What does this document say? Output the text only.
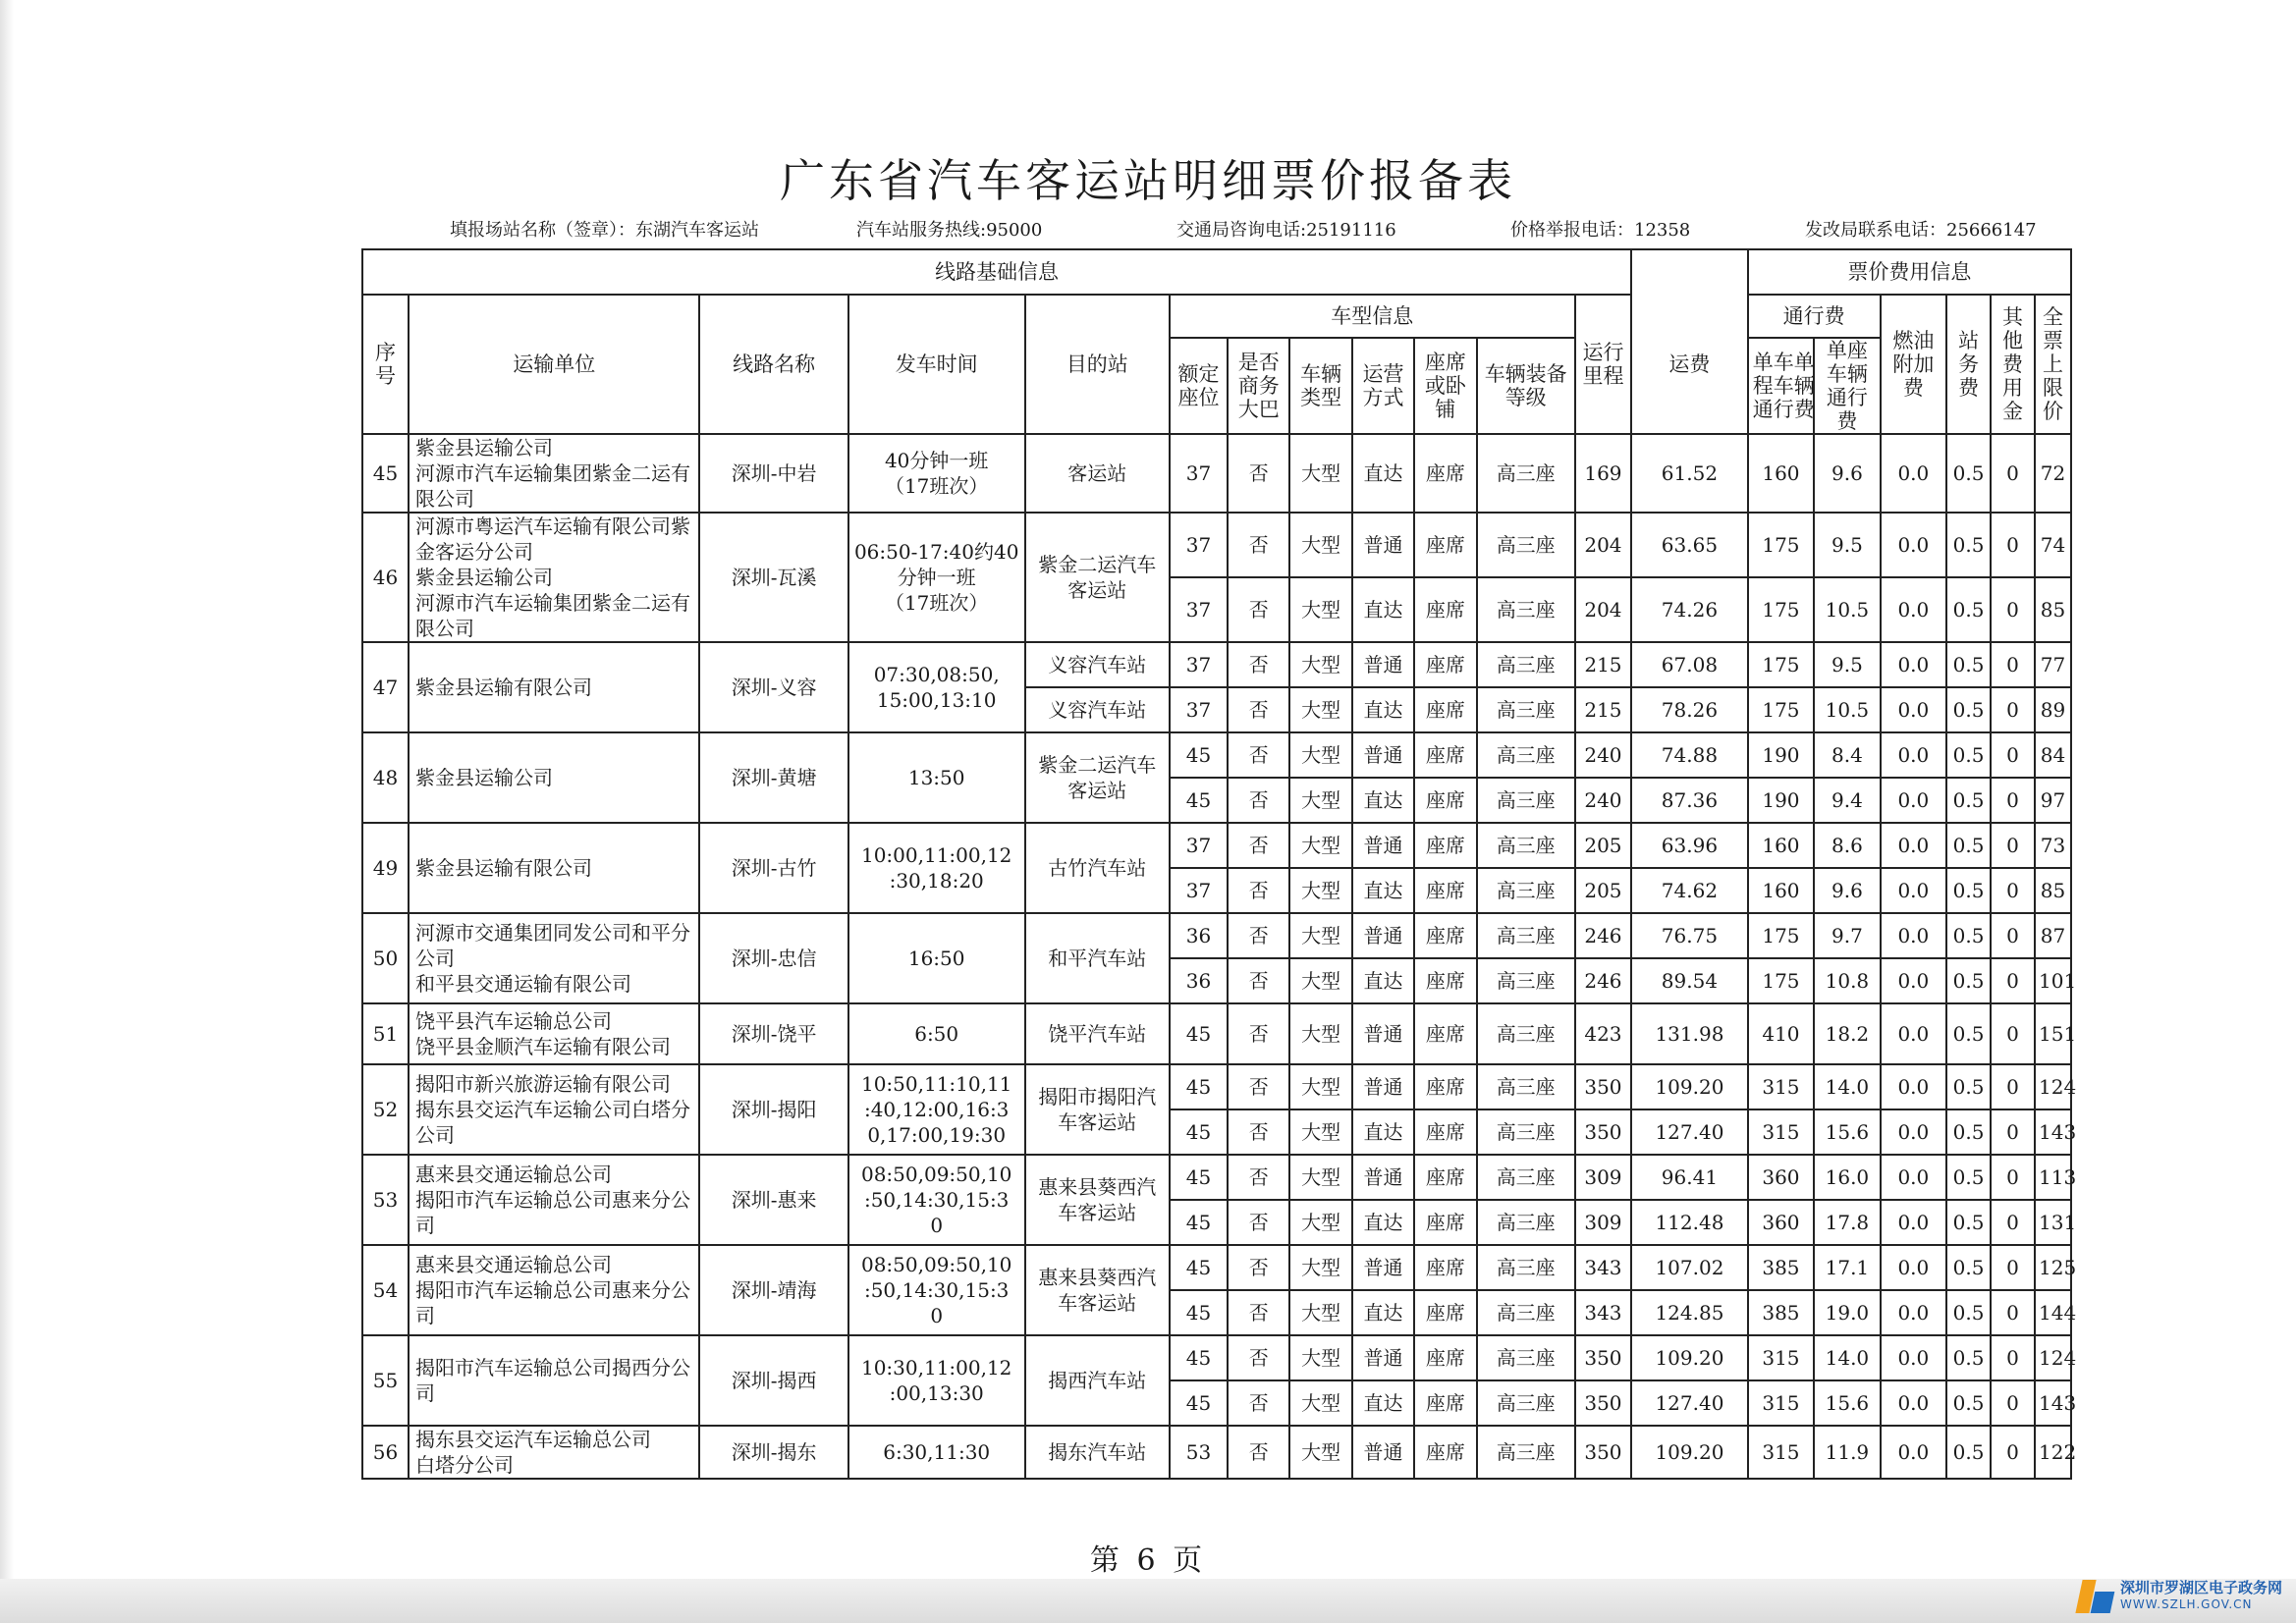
广东省汽车客运站明细票价报备表
填报场站名称（签章）：东湖汽车客运站	汽车站服务热线:95000	交通局咨询电话:25191116	价格举报电话：12358	发改局联系电话：25666147
线路基础信息													票价费用信息					

序号	运输单位	线路名称	发车时间	目的站	车型信息						运行里程	运费	通行费		燃油附加费	站务费	其他费用金	全票上限价

					额定座位	是否商务大巴	车辆类型	运营方式	座席或卧铺	车辆装备等级			单车单程车辆通行费	单座车辆通行费				

45	紫金县运输公司
河源市汽车运输集团紫金二运有限公司	深圳-中岩	40分钟一班
（17班次）	客运站	37	否	大型	直达	座席	高三座	169	61.52	160	9.6	0.0	0.5	0	72
46	河源市粤运汽车运输有限公司紫金客运分公司
紫金县运输公司
河源市汽车运输集团紫金二运有限公司	深圳-瓦溪	06:50-17:40约40分钟一班
（17班次）	紫金二运汽车客运站	37	否	大型	普通	座席	高三座	204	63.65	175	9.5	0.0	0.5	0	74
					37	否	大型	直达	座席	高三座	204	74.26	175	10.5	0.0	0.5	0	85
47	紫金县运输有限公司	深圳-义容	07:30,08:50,
15:00,13:10	义容汽车站	37	否	大型	普通	座席	高三座	215	67.08	175	9.5	0.0	0.5	0	77
				义容汽车站	37	否	大型	直达	座席	高三座	215	78.26	175	10.5	0.0	0.5	0	89
48	紫金县运输公司	深圳-黄塘	13:50	紫金二运汽车客运站	45	否	大型	普通	座席	高三座	240	74.88	190	8.4	0.0	0.5	0	84
					45	否	大型	直达	座席	高三座	240	87.36	190	9.4	0.0	0.5	0	97
49	紫金县运输有限公司	深圳-古竹	10:00,11:00,12
:30,18:20	古竹汽车站	37	否	大型	普通	座席	高三座	205	63.96	160	8.6	0.0	0.5	0	73
					37	否	大型	直达	座席	高三座	205	74.62	160	9.6	0.0	0.5	0	85
50	河源市交通集团同发公司和平分公司
和平县交通运输有限公司	深圳-忠信	16:50	和平汽车站	36	否	大型	普通	座席	高三座	246	76.75	175	9.7	0.0	0.5	0	87
					36	否	大型	直达	座席	高三座	246	89.54	175	10.8	0.0	0.5	0	101
51	饶平县汽车运输总公司
饶平县金顺汽车运输有限公司	深圳-饶平	6:50	饶平汽车站	45	否	大型	普通	座席	高三座	423	131.98	410	18.2	0.0	0.5	0	151
52	揭阳市新兴旅游运输有限公司
揭东县交运汽车运输公司白塔分公司	深圳-揭阳	10:50,11:10,11
:40,12:00,16:3
0,17:00,19:30	揭阳市揭阳汽车客运站	45	否	大型	普通	座席	高三座	350	109.20	315	14.0	0.0	0.5	0	124
					45	否	大型	直达	座席	高三座	350	127.40	315	15.6	0.0	0.5	0	143
53	惠来县交通运输总公司
揭阳市汽车运输总公司惠来分公司	深圳-惠来	08:50,09:50,10
:50,14:30,15:3
0	惠来县葵西汽车客运站	45	否	大型	普通	座席	高三座	309	96.41	360	16.0	0.0	0.5	0	113
					45	否	大型	直达	座席	高三座	309	112.48	360	17.8	0.0	0.5	0	131
54	惠来县交通运输总公司
揭阳市汽车运输总公司惠来分公司	深圳-靖海	08:50,09:50,10
:50,14:30,15:3
0	惠来县葵西汽车客运站	45	否	大型	普通	座席	高三座	343	107.02	385	17.1	0.0	0.5	0	125
					45	否	大型	直达	座席	高三座	343	124.85	385	19.0	0.0	0.5	0	144
55	揭阳市汽车运输总公司揭西分公司	深圳-揭西	10:30,11:00,12
:00,13:30	揭西汽车站	45	否	大型	普通	座席	高三座	350	109.20	315	14.0	0.0	0.5	0	124
					45	否	大型	直达	座席	高三座	350	127.40	315	15.6	0.0	0.5	0	143
56	揭东县交运汽车运输总公司
白塔分公司	深圳-揭东	6:30,11:30	揭东汽车站	53	否	大型	普通	座席	高三座	350	109.20	315	11.9	0.0	0.5	0	122
第 6 页
深圳市罗湖区电子政务网
WWW.SZLH.GOV.CN
